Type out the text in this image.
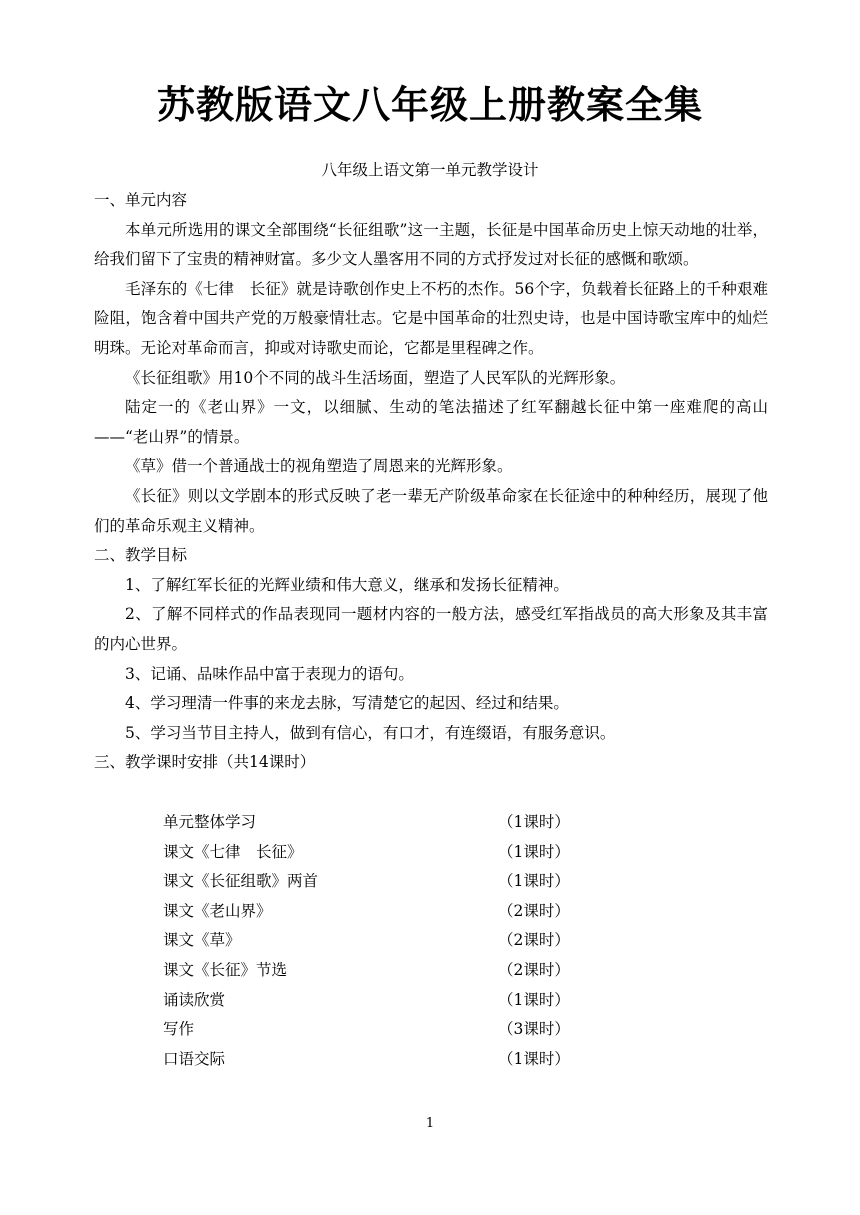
苏教版语文八年级上册教案全集
八年级上语文第一单元教学设计

一、单元内容

本单元所选用的课文全部围绕“长征组歌”这一主题，长征是中国革命历史上惊天动地的壮举，给我们留下了宝贵的精神财富。多少文人墨客用不同的方式抒发过对长征的感慨和歌颂。

毛泽东的《七律　长征》就是诗歌创作史上不朽的杰作。56个字，负载着长征路上的千种艰难险阻，饱含着中国共产党的万般豪情壮志。它是中国革命的壮烈史诗，也是中国诗歌宝库中的灿烂明珠。无论对革命而言，抑或对诗歌史而论，它都是里程碑之作。

《长征组歌》用10个不同的战斗生活场面，塑造了人民军队的光辉形象。

陆定一的《老山界》一文，以细腻、生动的笔法描述了红军翻越长征中第一座难爬的高山——“老山界”的情景。

《草》借一个普通战士的视角塑造了周恩来的光辉形象。

《长征》则以文学剧本的形式反映了老一辈无产阶级革命家在长征途中的种种经历，展现了他们的革命乐观主义精神。

二、教学目标

1、了解红军长征的光辉业绩和伟大意义，继承和发扬长征精神。

2、了解不同样式的作品表现同一题材内容的一般方法，感受红军指战员的高大形象及其丰富的内心世界。

3、记诵、品味作品中富于表现力的语句。

4、学习理清一件事的来龙去脉，写清楚它的起因、经过和结果。

5、学习当节目主持人，做到有信心，有口才，有连缀语，有服务意识。

三、教学课时安排（共14课时）

单元整体学习	（1课时）
课文《七律　长征》	（1课时）
课文《长征组歌》两首	（1课时）
课文《老山界》	（2课时）
课文《草》	（2课时）
课文《长征》节选	（2课时）
诵读欣赏	（1课时）
写作	（3课时）
口语交际	（1课时）
1
